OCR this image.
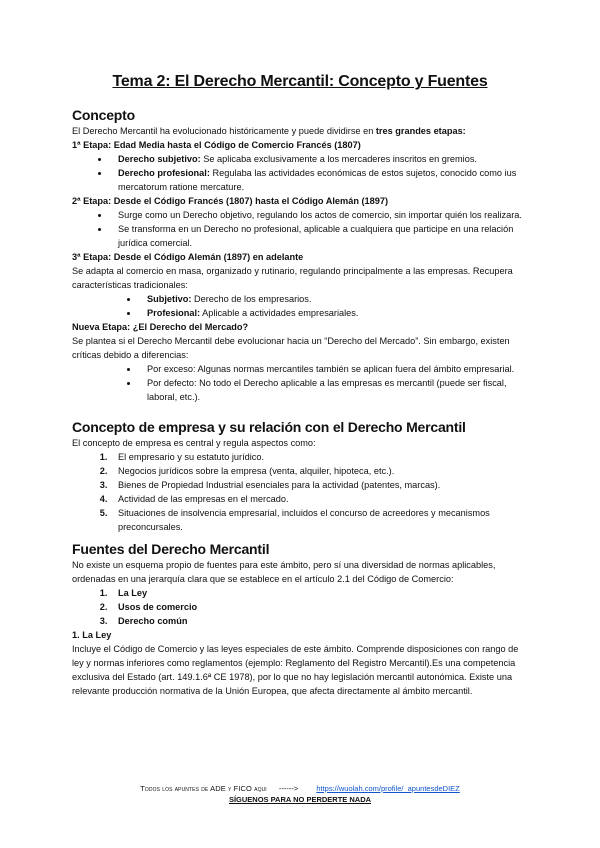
Tema 2: El Derecho Mercantil: Concepto y Fuentes
Concepto

El Derecho Mercantil ha evolucionado históricamente y puede dividirse en tres grandes etapas:

1ª Etapa: Edad Media hasta el Código de Comercio Francés (1807)

• Derecho subjetivo: Se aplicaba exclusivamente a los mercaderes inscritos en gremios.
• Derecho profesional: Regulaba las actividades económicas de estos sujetos, conocido como ius mercatorum ratione mercature.

2ª Etapa: Desde el Código Francés (1807) hasta el Código Alemán (1897)

• Surge como un Derecho objetivo, regulando los actos de comercio, sin importar quién los realizara.
• Se transforma en un Derecho no profesional, aplicable a cualquiera que participe en una relación jurídica comercial.

3ª Etapa: Desde el Código Alemán (1897) en adelante

Se adapta al comercio en masa, organizado y rutinario, regulando principalmente a las empresas. Recupera características tradicionales:

• Subjetivo: Derecho de los empresarios.
• Profesional: Aplicable a actividades empresariales.

Nueva Etapa: ¿El Derecho del Mercado?

Se plantea si el Derecho Mercantil debe evolucionar hacia un “Derecho del Mercado”. Sin embargo, existen críticas debido a diferencias:

• Por exceso: Algunas normas mercantiles también se aplican fuera del ámbito empresarial.
• Por defecto: No todo el Derecho aplicable a las empresas es mercantil (puede ser fiscal, laboral, etc.).
Concepto de empresa y su relación con el Derecho Mercantil

El concepto de empresa es central y regula aspectos como:

1. El empresario y su estatuto jurídico.
2. Negocios jurídicos sobre la empresa (venta, alquiler, hipoteca, etc.).
3. Bienes de Propiedad Industrial esenciales para la actividad (patentes, marcas).
4. Actividad de las empresas en el mercado.
5. Situaciones de insolvencia empresarial, incluidos el concurso de acreedores y mecanismos preconcursales.
Fuentes del Derecho Mercantil

No existe un esquema propio de fuentes para este ámbito, pero sí una diversidad de normas aplicables, ordenadas en una jerarquía clara que se establece en el artículo 2.1 del Código de Comercio:

1. La Ley
2. Usos de comercio
3. Derecho común

1. La Ley

Incluye el Código de Comercio y las leyes especiales de este ámbito. Comprende disposiciones con rango de ley y normas inferiores como reglamentos (ejemplo: Reglamento del Registro Mercantil).Es una competencia exclusiva del Estado (art. 149.1.6ª CE 1978), por lo que no hay legislación mercantil autonómica. Existe una relevante producción normativa de la Unión Europea, que afecta directamente al ámbito mercantil.

Todos los apuntes de ADE y FICO aqui ------> https://wuolah.com/profile/_apuntesdeDIEZ
SÍGUENOS PARA NO PERDERTE NADA
